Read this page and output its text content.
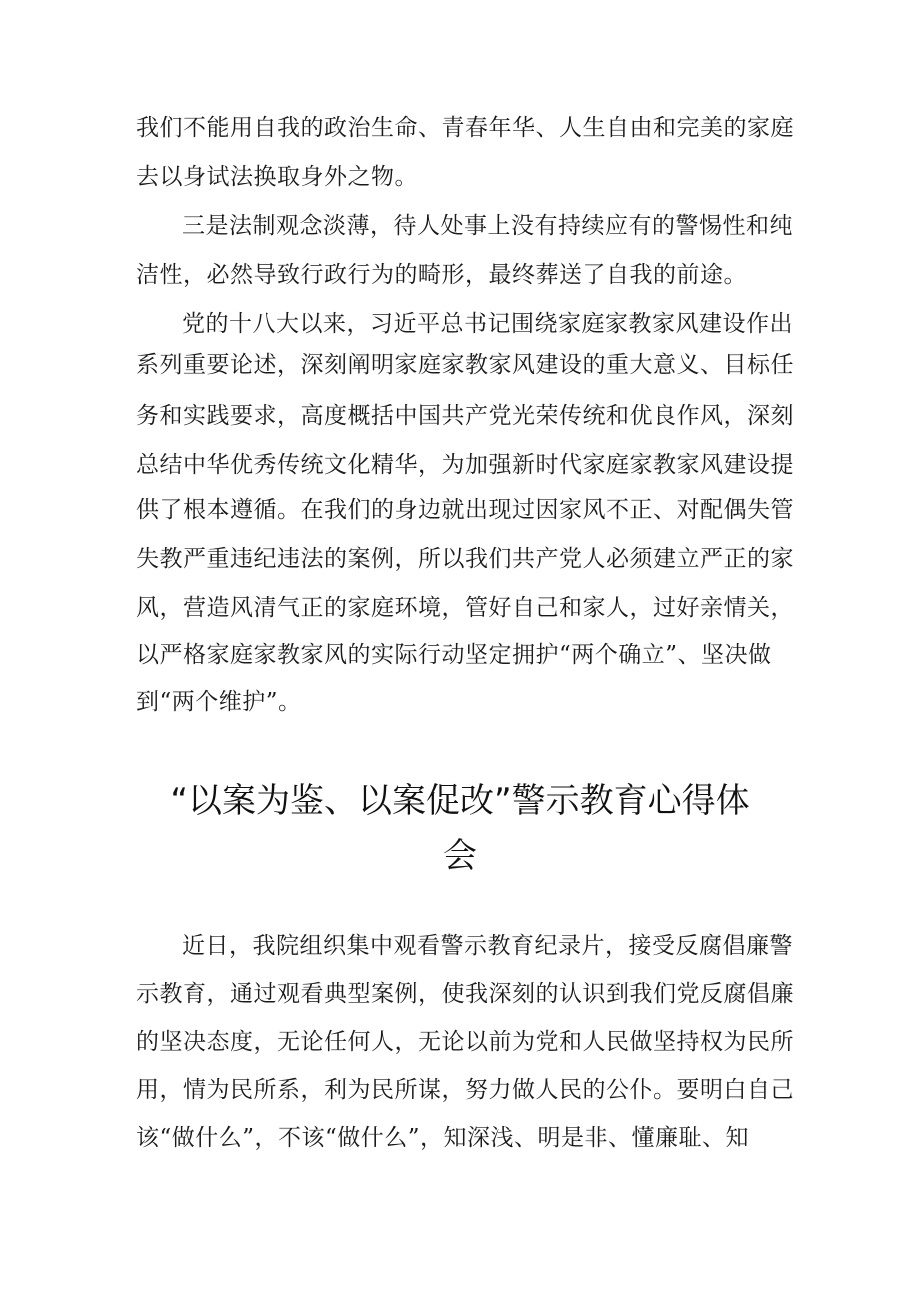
我们不能用自我的政治生命、青春年华、人生自由和完美的家庭
去以身试法换取身外之物。
三是法制观念淡薄，待人处事上没有持续应有的警惕性和纯
洁性，必然导致行政行为的畸形，最终葬送了自我的前途。
党的十八大以来，习近平总书记围绕家庭家教家风建设作出
系列重要论述，深刻阐明家庭家教家风建设的重大意义、目标任
务和实践要求，高度概括中国共产党光荣传统和优良作风，深刻
总结中华优秀传统文化精华，为加强新时代家庭家教家风建设提
供了根本遵循。在我们的身边就出现过因家风不正、对配偶失管
失教严重违纪违法的案例，所以我们共产党人必须建立严正的家
风，营造风清气正的家庭环境，管好自己和家人，过好亲情关，
以严格家庭家教家风的实际行动坚定拥护“两个确立”、坚决做
到“两个维护”。
“以案为鉴、以案促改”警示教育心得体
会
近日，我院组织集中观看警示教育纪录片，接受反腐倡廉警
示教育，通过观看典型案例，使我深刻的认识到我们党反腐倡廉
的坚决态度，无论任何人，无论以前为党和人民做坚持权为民所
用，情为民所系，利为民所谋，努力做人民的公仆。要明白自己
该“做什么”，不该“做什么”，知深浅、明是非、懂廉耻、知
